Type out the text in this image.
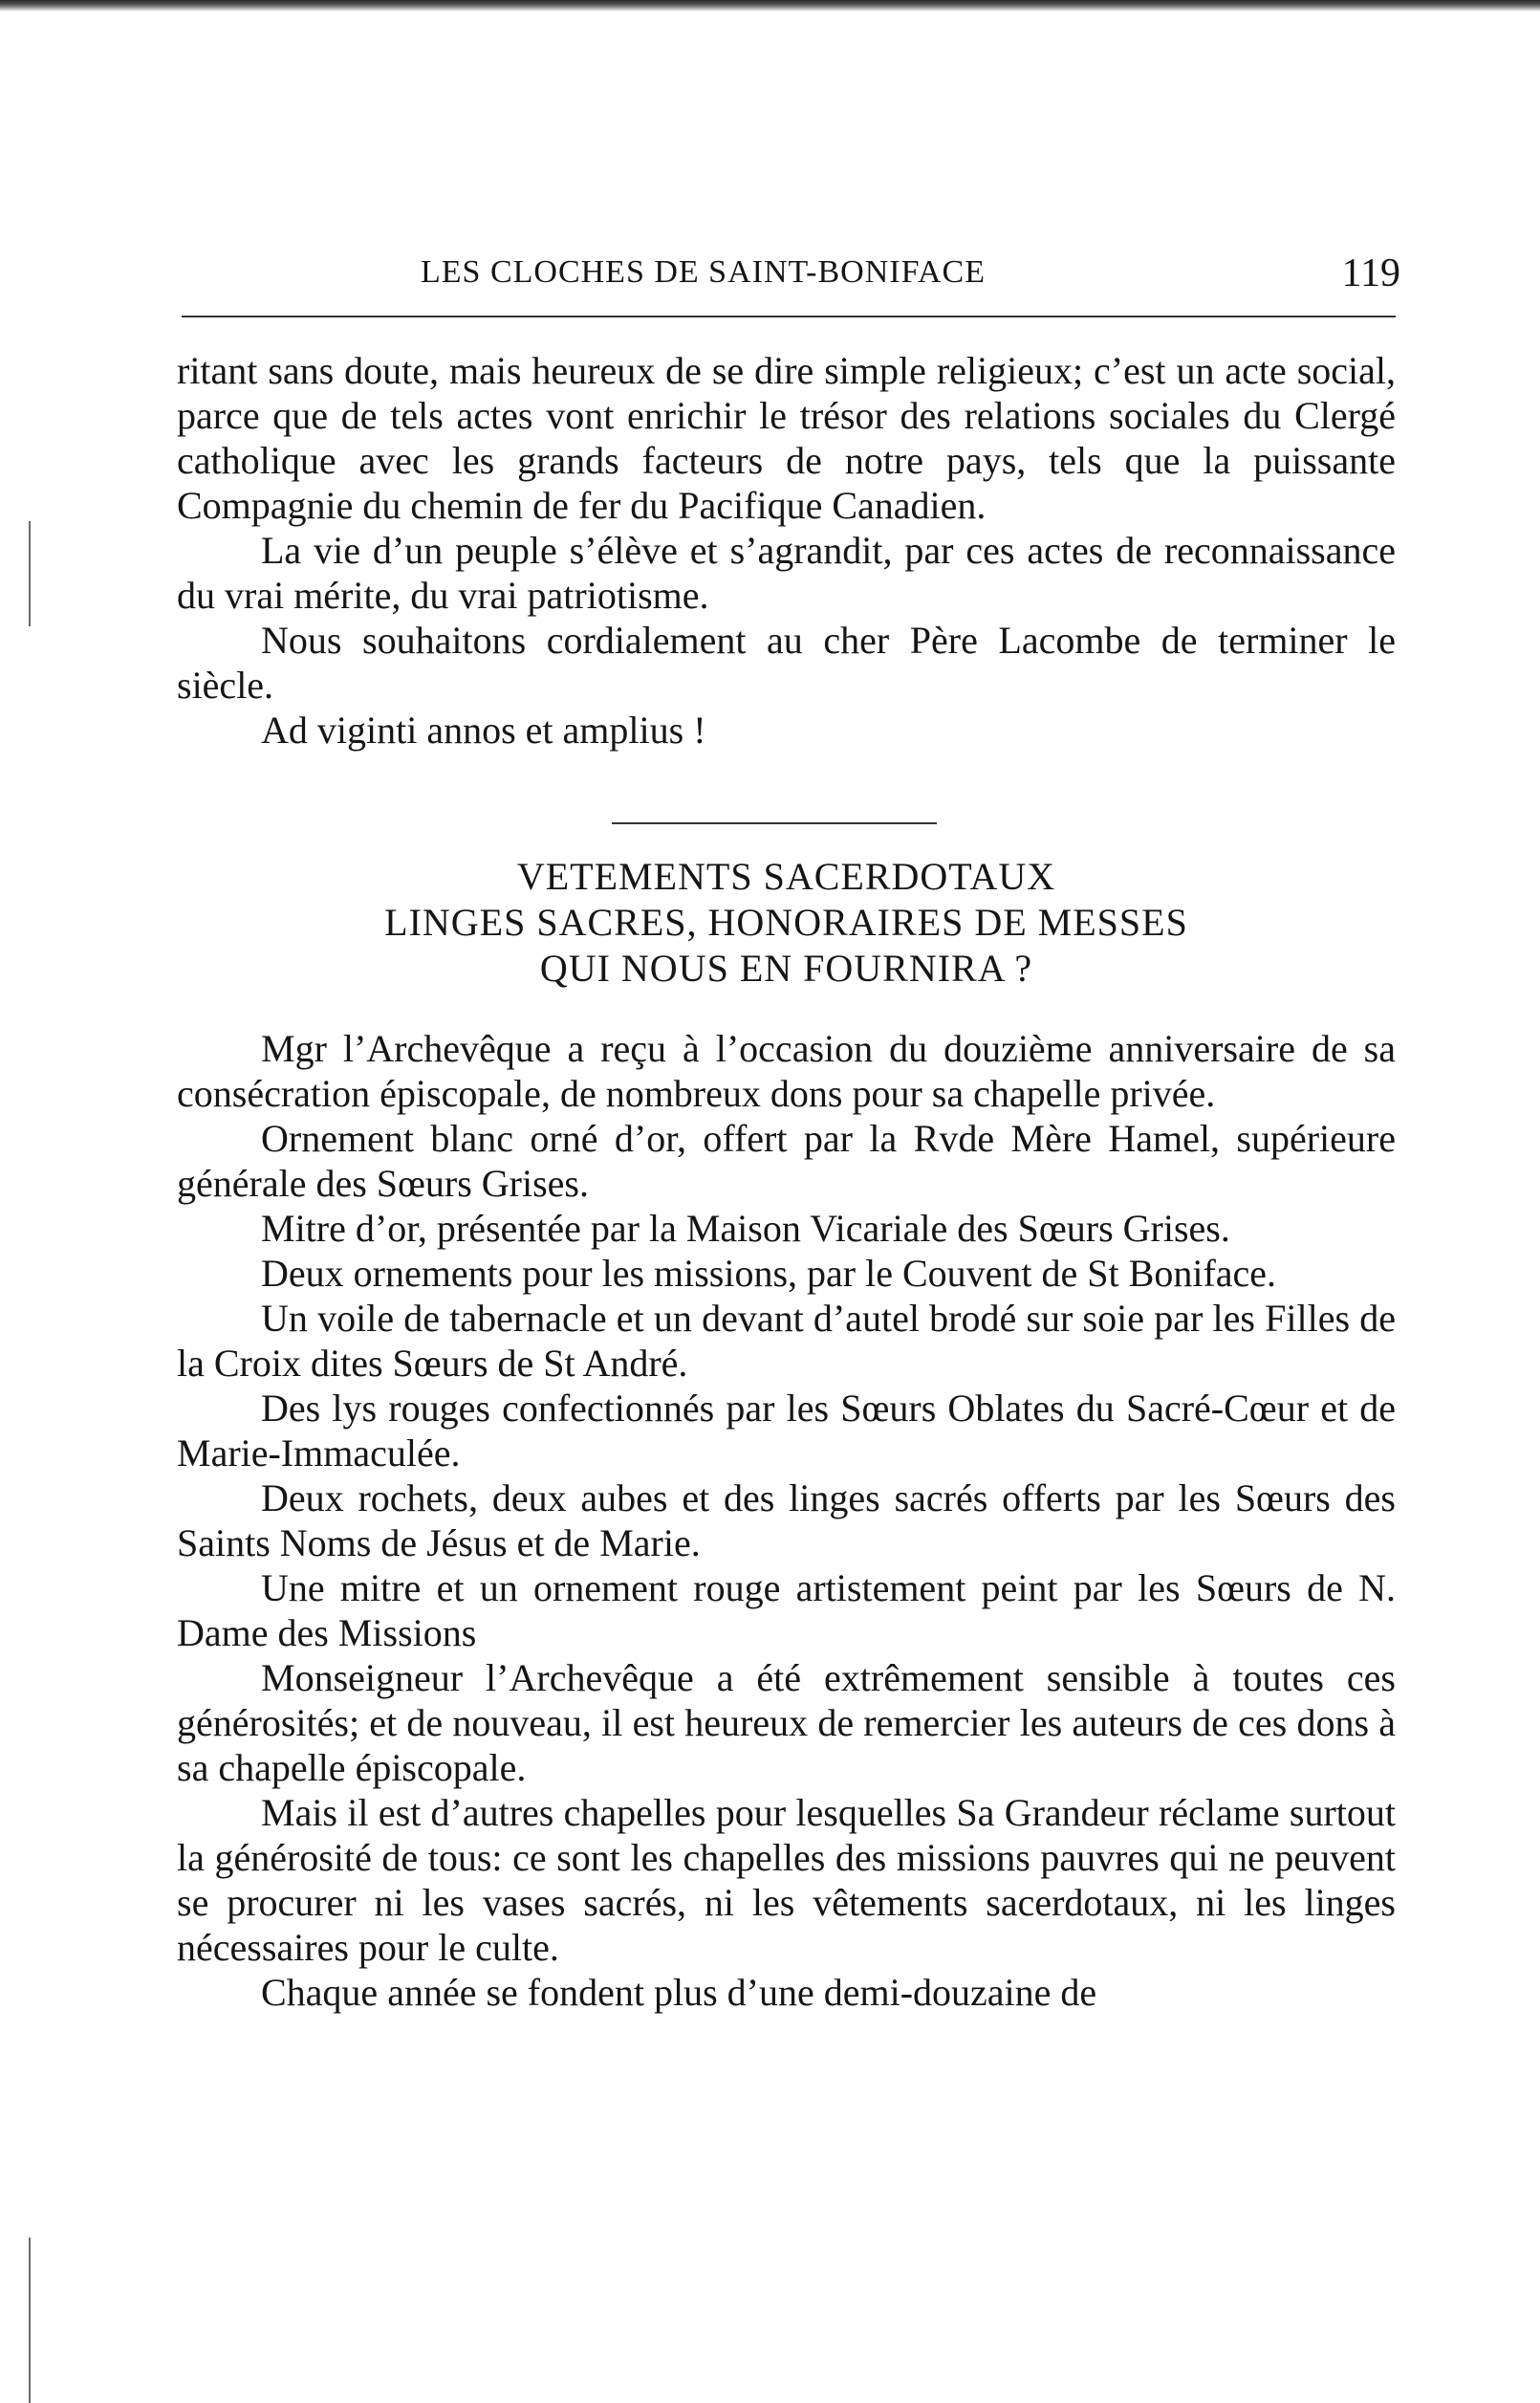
LES CLOCHES DE SAINT-BONIFACE	119

ritant sans doute, mais heureux de se dire simple religieux; c’est un acte social, parce que de tels actes vont enrichir le trésor des relations sociales du Clergé catholique avec les grands facteurs de notre pays, tels que la puissante Compagnie du chemin de fer du Pacifique Canadien.

La vie d’un peuple s’élève et s’agrandit, par ces actes de reconnaissance du vrai mérite, du vrai patriotisme.

Nous souhaitons cordialement au cher Père Lacombe de terminer le siècle.

Ad viginti annos et amplius !

VETEMENTS SACERDOTAUX
LINGES SACRES, HONORAIRES DE MESSES
QUI NOUS EN FOURNIRA ?

Mgr l’Archevêque a reçu à l’occasion du douzième anniversaire de sa consécration épiscopale, de nombreux dons pour sa chapelle privée.

Ornement blanc orné d’or, offert par la Rvde Mère Hamel, supérieure générale des Sœurs Grises.

Mitre d’or, présentée par la Maison Vicariale des Sœurs Grises.

Deux ornements pour les missions, par le Couvent de St Boniface.

Un voile de tabernacle et un devant d’autel brodé sur soie par les Filles de la Croix dites Sœurs de St André.

Des lys rouges confectionnés par les Sœurs Oblates du Sacré-Cœur et de Marie-Immaculée.

Deux rochets, deux aubes et des linges sacrés offerts par les Sœurs des Saints Noms de Jésus et de Marie.

Une mitre et un ornement rouge artistement peint par les Sœurs de N. Dame des Missions

Monseigneur l’Archevêque a été extrêmement sensible à toutes ces générosités; et de nouveau, il est heureux de remercier les auteurs de ces dons à sa chapelle épiscopale.

Mais il est d’autres chapelles pour lesquelles Sa Grandeur réclame surtout la générosité de tous: ce sont les chapelles des missions pauvres qui ne peuvent se procurer ni les vases sacrés, ni les vêtements sacerdotaux, ni les linges nécessaires pour le culte.

Chaque année se fondent plus d’une demi-douzaine de
